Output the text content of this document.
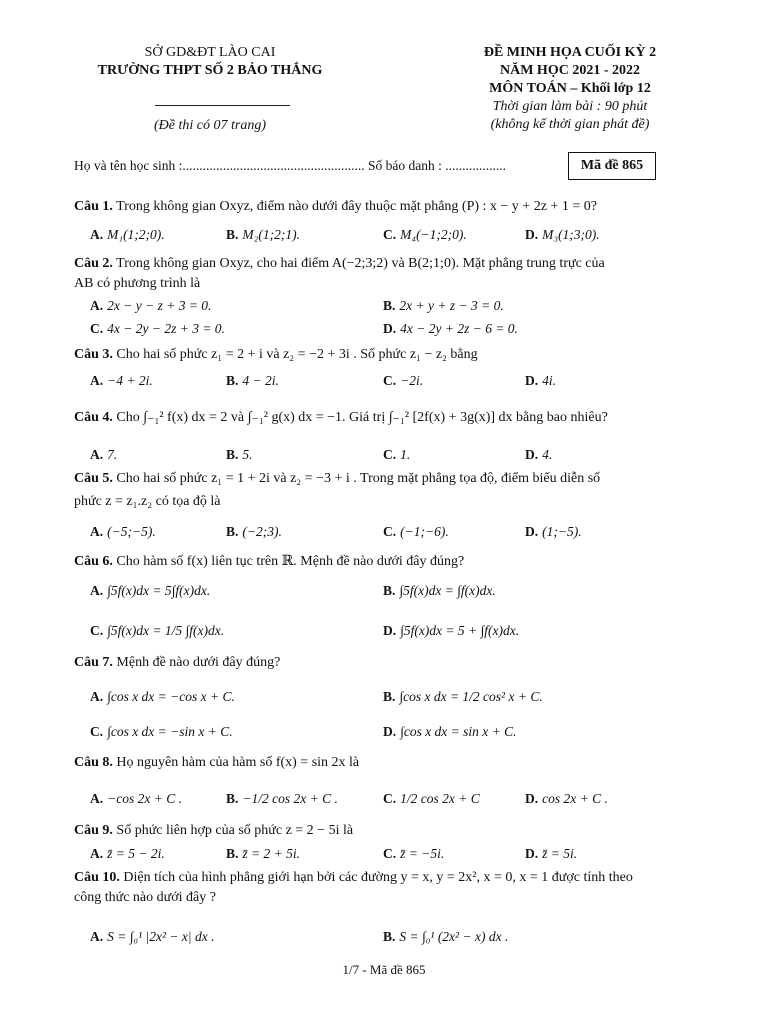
SỞ GD&ĐT LÀO CAI
TRƯỜNG THPT SỐ 2 BẢO THẮNG
(Đề thi có 07 trang)
ĐỀ MINH HỌA CUỐI KỲ 2
NĂM HỌC 2021 - 2022
MÔN TOÁN – Khối lớp 12
Thời gian làm bài : 90 phút
(không kể thời gian phát đề)
Họ và tên học sinh :...................................................... Số báo danh : ..................	Mã đề 865
Câu 1. Trong không gian Oxyz, điểm nào dưới đây thuộc mặt phẳng (P) : x − y + 2z + 1 = 0?
A. M₁(1;2;0).	B. M₂(1;2;1).	C. M₄(−1;2;0).	D. M₃(1;3;0).
Câu 2. Trong không gian Oxyz, cho hai điểm A(−2;3;2) và B(2;1;0). Mặt phẳng trung trực của
AB có phương trình là
A. 2x − y − z + 3 = 0.	B. 2x + y + z − 3 = 0.
C. 4x − 2y − 2z + 3 = 0.	D. 4x − 2y + 2z − 6 = 0.
Câu 3. Cho hai số phức z₁ = 2 + i và z₂ = −2 + 3i . Số phức z₁ − z₂ bằng
A. −4 + 2i.	B. 4 − 2i.	C. −2i.	D. 4i.
Câu 4. Cho ∫₋₁² f(x) dx = 2 và ∫₋₁² g(x) dx = −1. Giá trị ∫₋₁² [2f(x) + 3g(x)] dx bằng bao nhiêu?
A. 7.	B. 5.	C. 1.	D. 4.
Câu 5. Cho hai số phức z₁ = 1 + 2i và z₂ = −3 + i . Trong mặt phẳng tọa độ, điểm biểu diễn số
phức z = z₁.z₂ có tọa độ là
A. (−5;−5).	B. (−2;3).	C. (−1;−6).	D. (1;−5).
Câu 6. Cho hàm số f(x) liên tục trên ℝ. Mệnh đề nào dưới đây đúng?
A. ∫5f(x)dx = 5∫f(x)dx.	B. ∫5f(x)dx = ∫f(x)dx.
C. ∫5f(x)dx = 1/5 ∫f(x)dx.	D. ∫5f(x)dx = 5 + ∫f(x)dx.
Câu 7. Mệnh đề nào dưới đây đúng?
A. ∫cos x dx = −cos x + C.	B. ∫cos x dx = 1/2 cos² x + C.
C. ∫cos x dx = −sin x + C.	D. ∫cos x dx = sin x + C.
Câu 8. Họ nguyên hàm của hàm số f(x) = sin 2x là
A. −cos 2x + C .	B. −1/2 cos 2x + C .	C. 1/2 cos 2x + C	D. cos 2x + C .
Câu 9. Số phức liên hợp của số phức z = 2 − 5i là
A. z̄ = 5 − 2i.	B. z̄ = 2 + 5i.	C. z̄ = −5i.	D. z̄ = 5i.
Câu 10. Diện tích của hình phẳng giới hạn bởi các đường y = x, y = 2x², x = 0, x = 1 được tính theo
công thức nào dưới đây ?
A. S = ∫₀¹ |2x² − x| dx .	B. S = ∫₀¹ (2x² − x) dx .
1/7 - Mã đề 865
